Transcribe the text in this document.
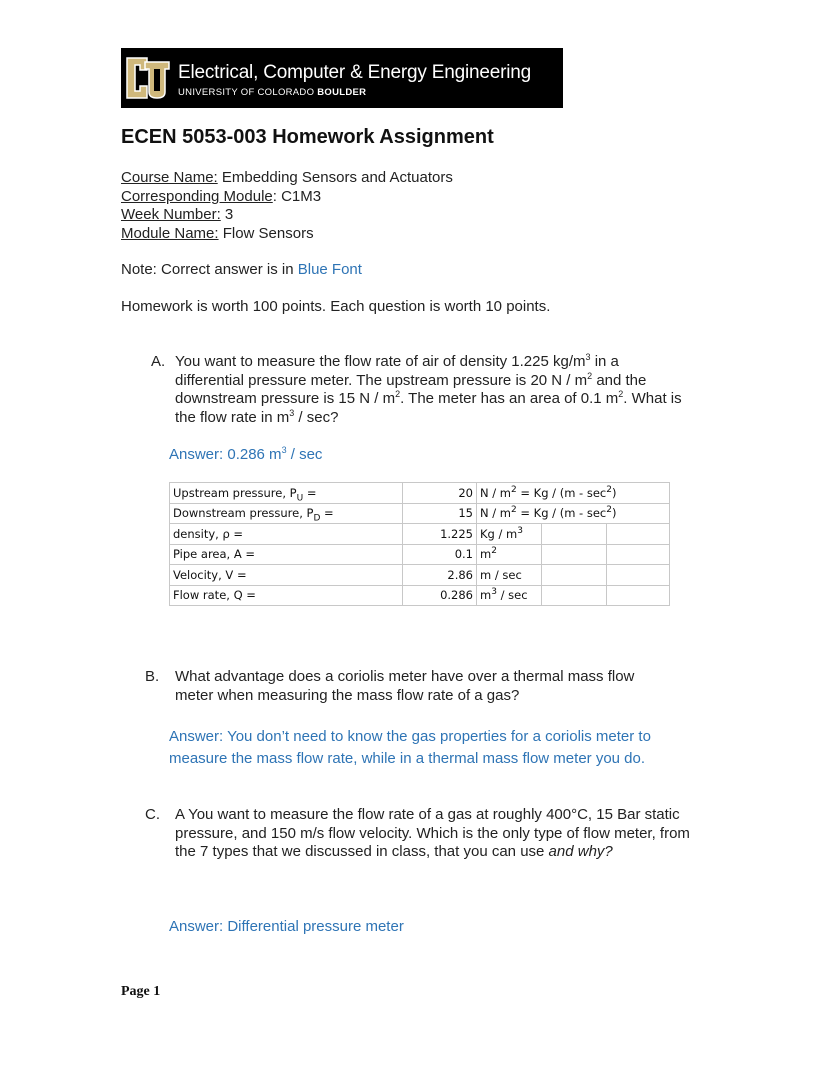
Electrical, Computer & Energy Engineering
UNIVERSITY OF COLORADO BOULDER
ECEN 5053-003 Homework Assignment
Course Name: Embedding Sensors and Actuators
Corresponding Module: C1M3
Week Number: 3
Module Name: Flow Sensors
Note: Correct answer is in Blue Font
Homework is worth 100 points. Each question is worth 10 points.
A. You want to measure the flow rate of air of density 1.225 $kg/m^3$ in a differential pressure meter. The upstream pressure is 20 N / $m^2$ and the downstream pressure is 15 N / $m^2$. The meter has an area of 0.1 $m^2$. What is the flow rate in $m^3$ / sec?
Answer: 0.286 $m^3$ / sec
Upstream pressure, $P_U$ =	20	$N / m^2 = Kg / (m - \sec^2)$		
Downstream pressure, $P_D$ =	15	$N / m^2 = Kg / (m - \sec^2)$		
density, ρ =	1.225	Kg / $m^3$		
Pipe area, A =	0.1	$m^2$		
Velocity, V =	2.86	m / sec		
Flow rate, Q =	0.286	$m^3$ / sec		
B. What advantage does a coriolis meter have over a thermal mass flow meter when measuring the mass flow rate of a gas?
Answer: You don’t need to know the gas properties for a coriolis meter to measure the mass flow rate, while in a thermal mass flow meter you do.
C. A You want to measure the flow rate of a gas at roughly 400°C, 15 Bar static pressure, and 150 m/s flow velocity. Which is the only type of flow meter, from the 7 types that we discussed in class, that you can use and why?
Answer: Differential pressure meter
Page 1
